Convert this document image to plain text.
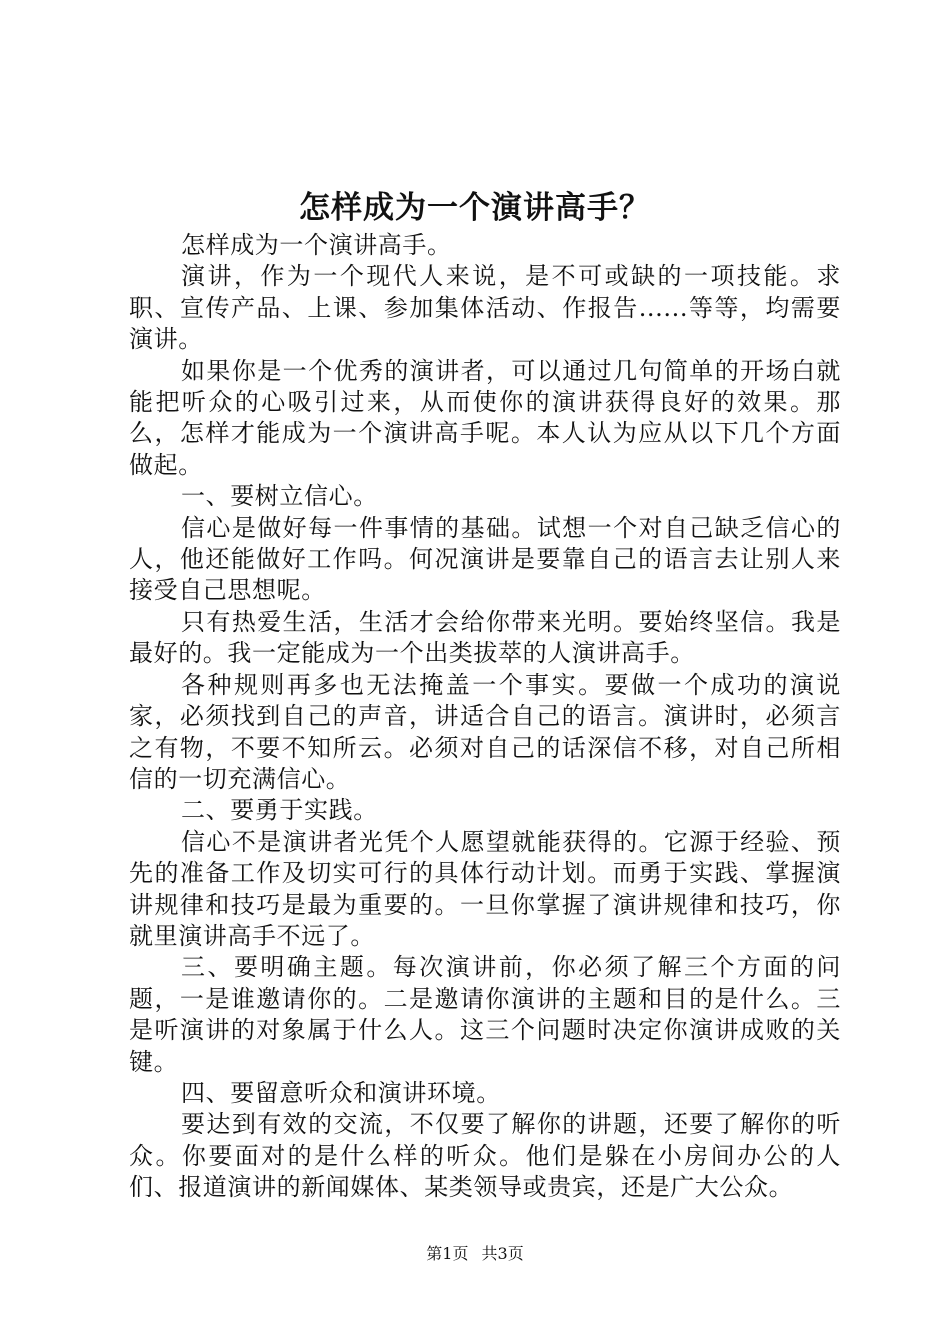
怎样成为一个演讲高手？

怎样成为一个演讲高手。

演讲，作为一个现代人来说，是不可或缺的一项技能。求职、宣传产品、上课、参加集体活动、作报告......等等，均需要演讲。

如果你是一个优秀的演讲者，可以通过几句简单的开场白就能把听众的心吸引过来，从而使你的演讲获得良好的效果。那么，怎样才能成为一个演讲高手呢。本人认为应从以下几个方面做起。

一、要树立信心。

信心是做好每一件事情的基础。试想一个对自己缺乏信心的人，他还能做好工作吗。何况演讲是要靠自己的语言去让别人来接受自己思想呢。

只有热爱生活，生活才会给你带来光明。要始终坚信。我是最好的。我一定能成为一个出类拔萃的人演讲高手。

各种规则再多也无法掩盖一个事实。要做一个成功的演说家，必须找到自己的声音，讲适合自己的语言。演讲时，必须言之有物，不要不知所云。必须对自己的话深信不移，对自己所相信的一切充满信心。

二、要勇于实践。

信心不是演讲者光凭个人愿望就能获得的。它源于经验、预先的准备工作及切实可行的具体行动计划。而勇于实践、掌握演讲规律和技巧是最为重要的。一旦你掌握了演讲规律和技巧，你就里演讲高手不远了。

三、要明确主题。每次演讲前，你必须了解三个方面的问题，一是谁邀请你的。二是邀请你演讲的主题和目的是什么。三是听演讲的对象属于什么人。这三个问题时决定你演讲成败的关键。

四、要留意听众和演讲环境。

要达到有效的交流，不仅要了解你的讲题，还要了解你的听众。你要面对的是什么样的听众。他们是躲在小房间办公的人们、报道演讲的新闻媒体、某类领导或贵宾，还是广大公众。

第1页 共3页
